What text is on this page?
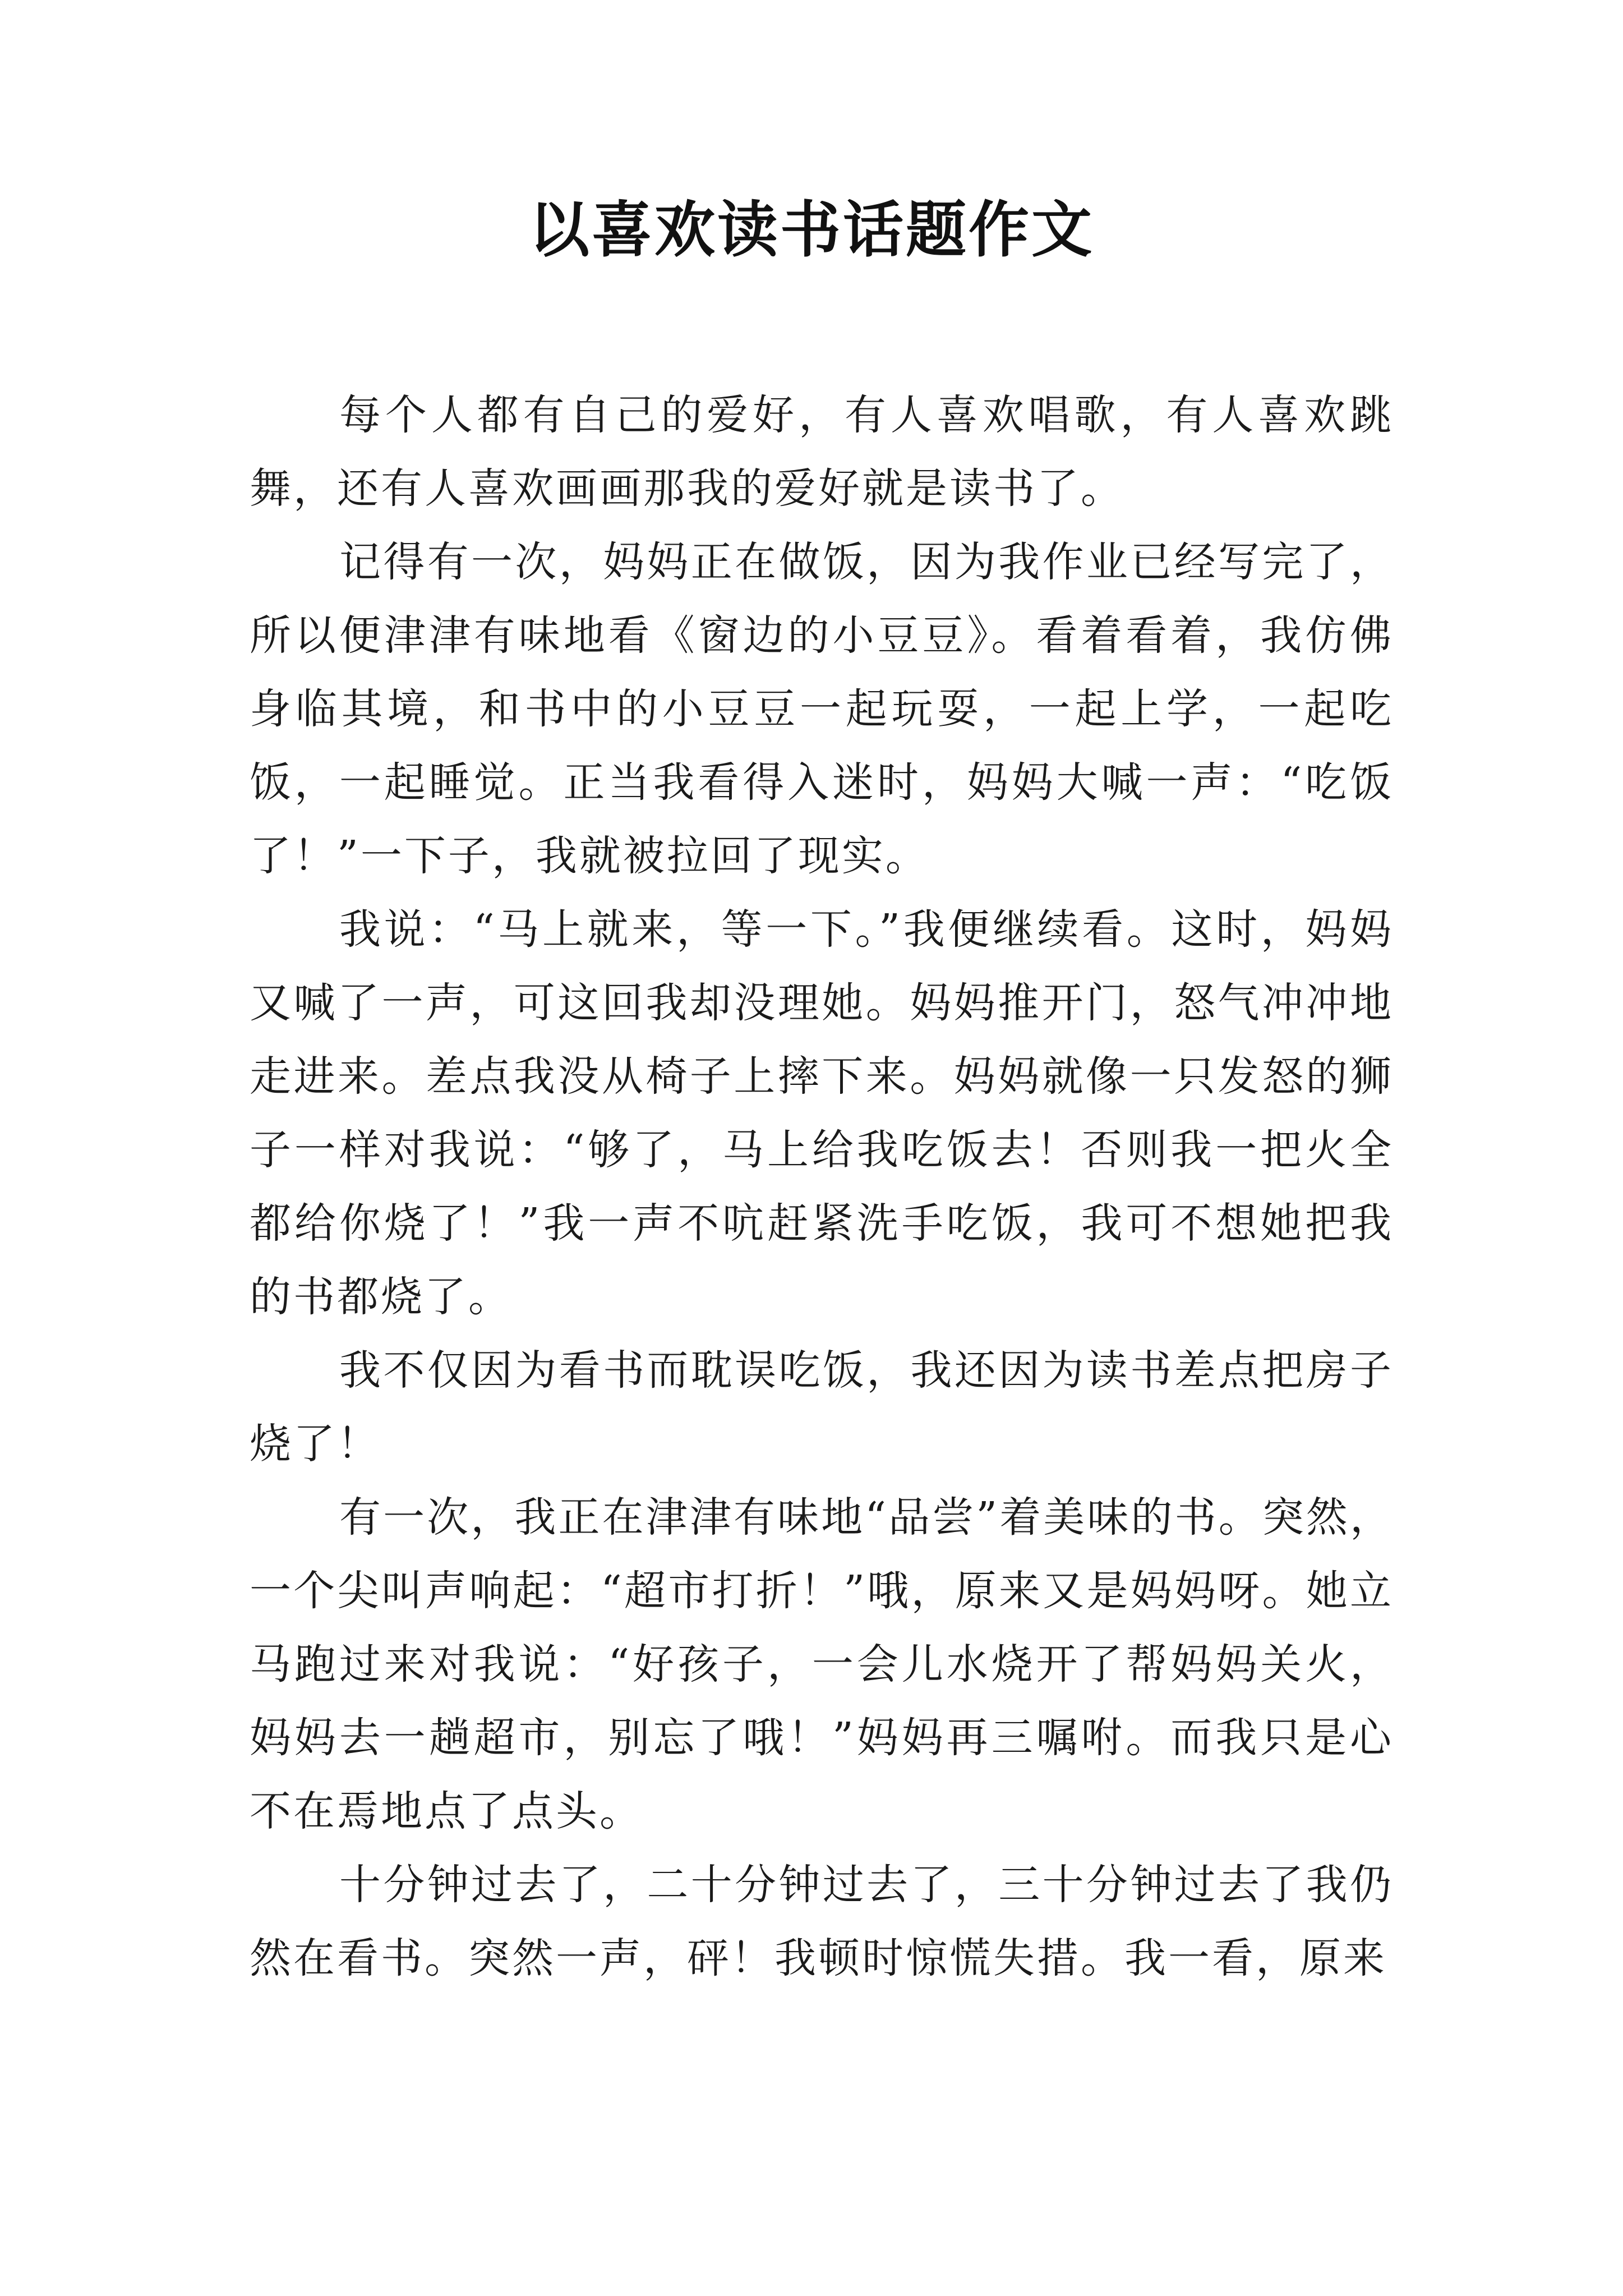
以喜欢读书话题作文

每个人都有自己的爱好，有人喜欢唱歌，有人喜欢跳舞，还有人喜欢画画那我的爱好就是读书了。

记得有一次，妈妈正在做饭，因为我作业已经写完了，所以便津津有味地看《窗边的小豆豆》。看着看着，我仿佛身临其境，和书中的小豆豆一起玩耍，一起上学，一起吃饭，一起睡觉。正当我看得入迷时，妈妈大喊一声：“吃饭了！”一下子，我就被拉回了现实。

我说：“马上就来，等一下。”我便继续看。这时，妈妈又喊了一声，可这回我却没理她。妈妈推开门，怒气冲冲地走进来。差点我没从椅子上摔下来。妈妈就像一只发怒的狮子一样对我说：“够了，马上给我吃饭去！否则我一把火全都给你烧了！”我一声不吭赶紧洗手吃饭，我可不想她把我的书都烧了。

我不仅因为看书而耽误吃饭，我还因为读书差点把房子烧了！

有一次，我正在津津有味地“品尝”着美味的书。突然，一个尖叫声响起：“超市打折！”哦，原来又是妈妈呀。她立马跑过来对我说：“好孩子，一会儿水烧开了帮妈妈关火，妈妈去一趟超市，别忘了哦！”妈妈再三嘱咐。而我只是心不在焉地点了点头。

十分钟过去了，二十分钟过去了，三十分钟过去了我仍然在看书。突然一声，砰！我顿时惊慌失措。我一看，原来
